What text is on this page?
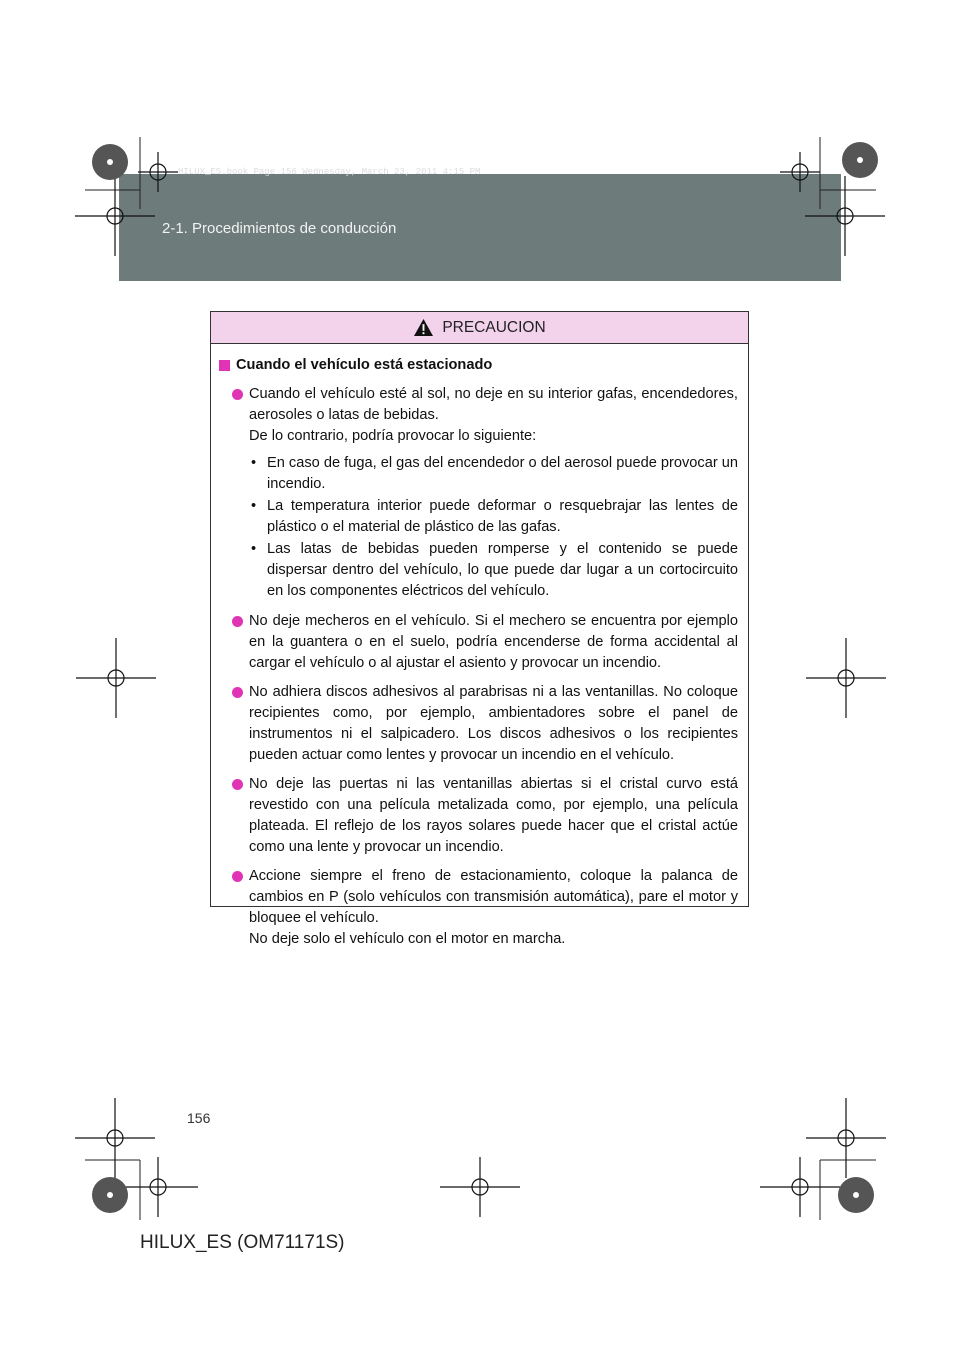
HILUX_ES.book Page 156 Wednesday, March 23, 2011 4:15 PM
2-1. Procedimientos de conducción
PRECAUCION
Cuando el vehículo está estacionado

Cuando el vehículo esté al sol, no deje en su interior gafas, encendedores, aerosoles o latas de bebidas.

De lo contrario, podría provocar lo siguiente:

• En caso de fuga, el gas del encendedor o del aerosol puede provocar un incendio.
• La temperatura interior puede deformar o resquebrajar las lentes de plástico o el material de plástico de las gafas.
• Las latas de bebidas pueden romperse y el contenido se puede dispersar dentro del vehículo, lo que puede dar lugar a un cortocircuito en los componentes eléctricos del vehículo.
No deje mecheros en el vehículo. Si el mechero se encuentra por ejemplo en la guantera o en el suelo, podría encenderse de forma accidental al cargar el vehículo o al ajustar el asiento y provocar un incendio.
No adhiera discos adhesivos al parabrisas ni a las ventanillas. No coloque recipientes como, por ejemplo, ambientadores sobre el panel de instrumentos ni el salpicadero. Los discos adhesivos o los recipientes pueden actuar como lentes y provocar un incendio en el vehículo.
No deje las puertas ni las ventanillas abiertas si el cristal curvo está revestido con una película metalizada como, por ejemplo, una película plateada. El reflejo de los rayos solares puede hacer que el cristal actúe como una lente y provocar un incendio.

Accione siempre el freno de estacionamiento, coloque la palanca de cambios en P (solo vehículos con transmisión automática), pare el motor y bloquee el vehículo.

No deje solo el vehículo con el motor en marcha.

156
HILUX_ES (OM71171S)
